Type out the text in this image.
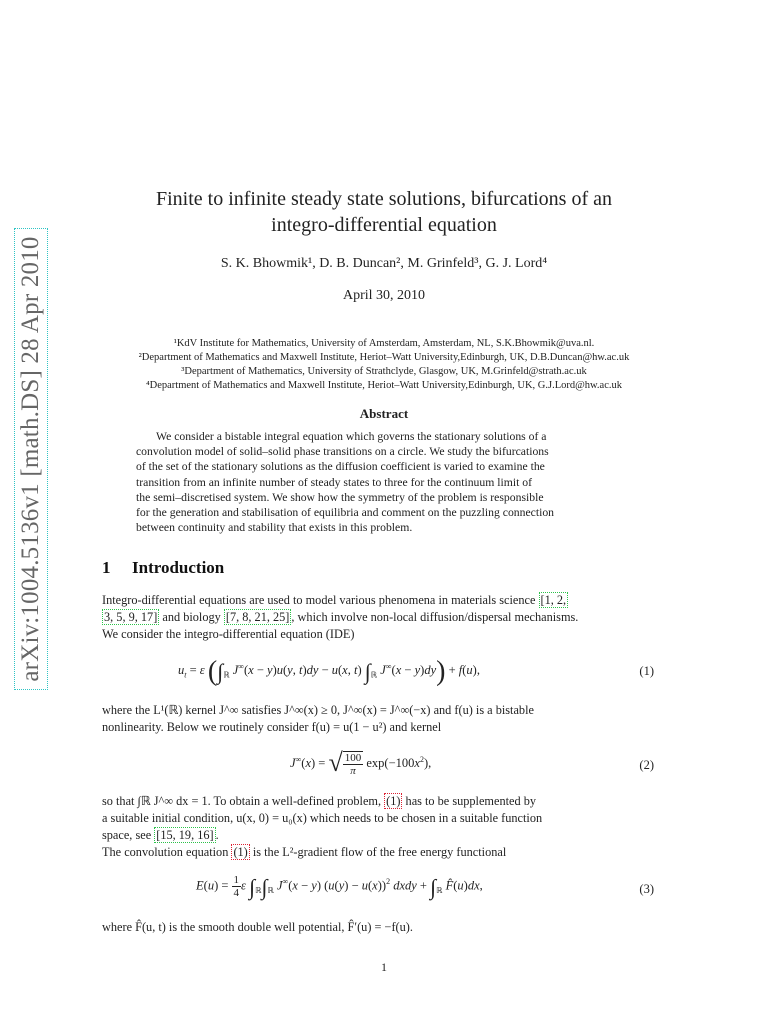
arXiv:1004.5136v1 [math.DS] 28 Apr 2010
Finite to infinite steady state solutions, bifurcations of an
integro-differential equation
S. K. Bhowmik¹, D. B. Duncan², M. Grinfeld³, G. J. Lord⁴
April 30, 2010
¹KdV Institute for Mathematics, University of Amsterdam, Amsterdam, NL, S.K.Bhowmik@uva.nl.
²Department of Mathematics and Maxwell Institute, Heriot–Watt University,Edinburgh, UK, D.B.Duncan@hw.ac.uk
³Department of Mathematics, University of Strathclyde, Glasgow, UK, M.Grinfeld@strath.ac.uk
⁴Department of Mathematics and Maxwell Institute, Heriot–Watt University,Edinburgh, UK, G.J.Lord@hw.ac.uk
Abstract
We consider a bistable integral equation which governs the stationary solutions of a
convolution model of solid–solid phase transitions on a circle. We study the bifurcations
of the set of the stationary solutions as the diffusion coefficient is varied to examine the
transition from an infinite number of steady states to three for the continuum limit of
the semi–discretised system. We show how the symmetry of the problem is responsible
for the generation and stabilisation of equilibria and comment on the puzzling connection
between continuity and stability that exists in this problem.
1 Introduction
Integro-differential equations are used to model various phenomena in materials science [1, 2,
3, 5, 9, 17] and biology [7, 8, 21, 25] , which involve non-local diffusion/dispersal mechanisms.
We consider the integro-differential equation (IDE)
$u_t = \varepsilon$ ($\int_ℝ$ J∞(x − y)u(y, t)dy − u(x, t) $\int_ℝ$ J∞(x − y)dy) + f(u),	(1)
where the L¹(ℝ) kernel J^∞ satisfies J^∞(x) ≥ 0, J^∞(x) = J^∞(−x) and f(u) is a bistable
nonlinearity. Below we routinely consider f(u) = u(1 − u²) and kernel
J∞(x) = √ $\frac{100}{\pi} \exp(-100x^2)$,	(2)
so that ∫ℝ J^∞ dx = 1. To obtain a well-defined problem, (1) has to be supplemented by
a suitable initial condition, u(x, 0) = u₀(x) which needs to be chosen in a suitable function
space, see [15, 19, 16] .
The convolution equation (1) is the L²-gradient flow of the free energy functional
$E(u) = \frac{1}{4}$ ε $\int_ℝ\int_ℝ$ J∞(x − y) $(u(y) - u(x))^2$ dxdy + $\int_ℝ$ F̂(u)dx,	(3)
where F̂(u, t) is the smooth double well potential, F̂′(u) = −f(u).
1
